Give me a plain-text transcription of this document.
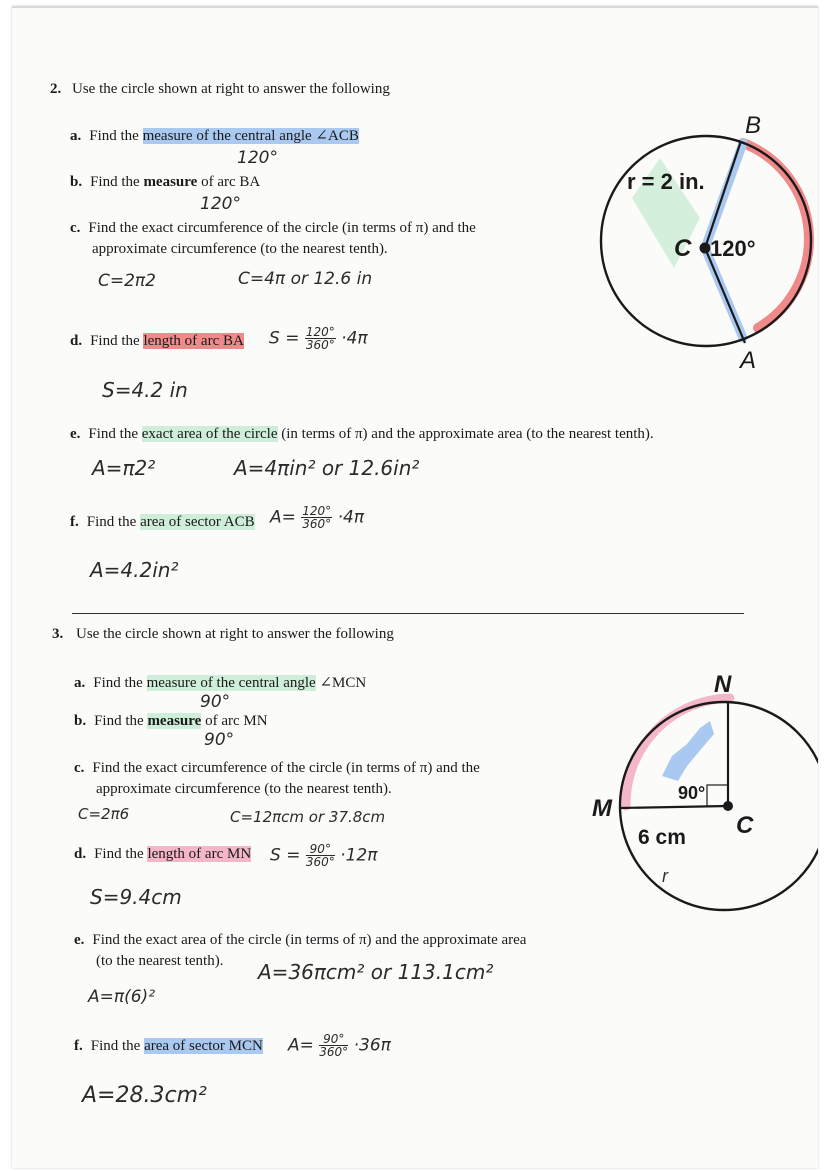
2. Use the circle shown at right to answer the following
a. Find the measure of the central angle ∠ACB
120°
b. Find the measure of arc BA
120°
c. Find the exact circumference of the circle (in terms of π) and the
approximate circumference (to the nearest tenth).
C=2π2	C=4π or 12.6 in
d. Find the length of arc BA $S = \frac{120^\circ}{360^\circ} \cdot 4\pi$
S=4.2 in
e. Find the exact area of the circle (in terms of π) and the approximate area (to the nearest tenth).
A=π2²	A=4πin² or 12.6in²
f. Find the area of sector ACB $A= \frac{120^\circ}{360^\circ} \cdot 4\pi$
A=4.2in²
B
A
C
r = 2 in.
120°
3. Use the circle shown at right to answer the following
a. Find the measure of the central angle ∠MCN
90°
b. Find the measure of arc MN
90°
c. Find the exact circumference of the circle (in terms of π) and the
approximate circumference (to the nearest tenth).
C=2π6	C=12πcm or 37.8cm
d. Find the length of arc MN $S = \frac{90^\circ}{360^\circ} \cdot 12\pi$
S=9.4cm
e. Find the exact area of the circle (in terms of π) and the approximate area
(to the nearest tenth). A=36πcm² or 113.1cm²
A=π(6)²
f. Find the area of sector MCN $A= \frac{90^\circ}{360^\circ} \cdot 36\pi$
A=28.3cm²
N
M
C
90°
6 cm
r
